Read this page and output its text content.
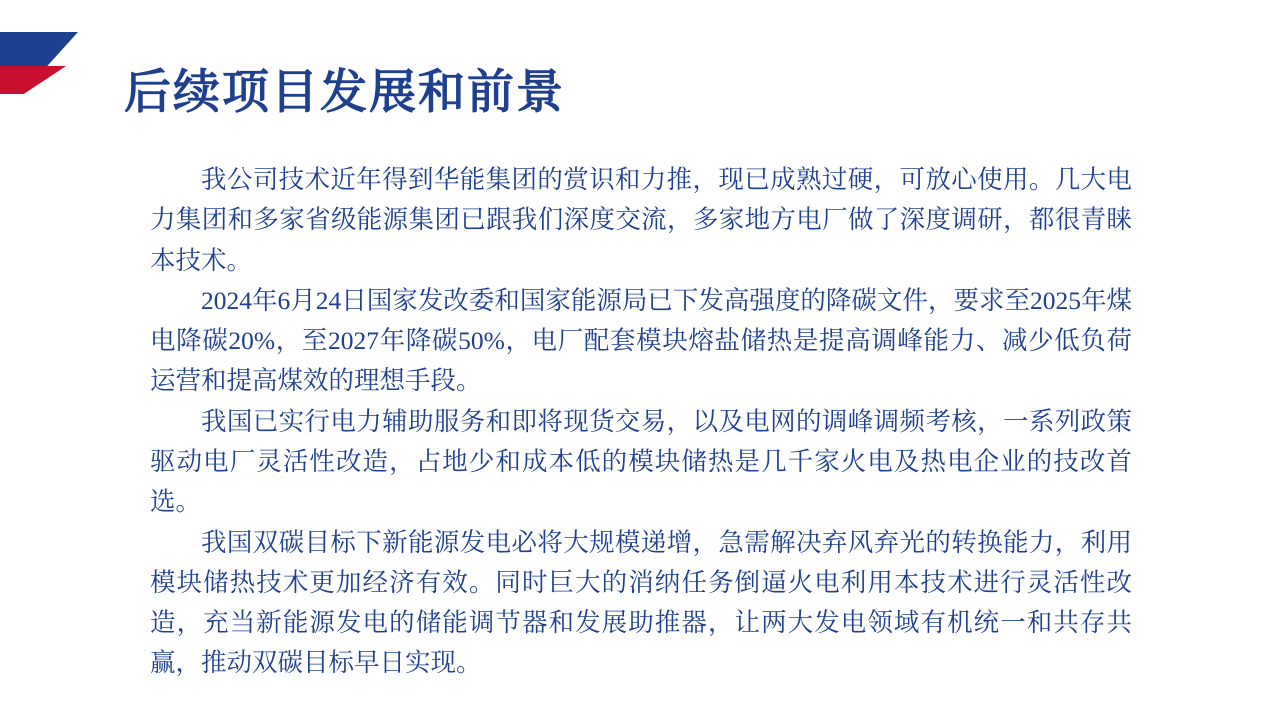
后续项目发展和前景

我公司技术近年得到华能集团的赏识和力推，现已成熟过硬，可放心使用。几大电力集团和多家省级能源集团已跟我们深度交流，多家地方电厂做了深度调研，都很青睐本技术。

2024年6月24日国家发改委和国家能源局已下发高强度的降碳文件，要求至2025年煤电降碳20%，至2027年降碳50%，电厂配套模块熔盐储热是提高调峰能力、减少低负荷运营和提高煤效的理想手段。

我国已实行电力辅助服务和即将现货交易，以及电网的调峰调频考核，一系列政策驱动电厂灵活性改造，占地少和成本低的模块储热是几千家火电及热电企业的技改首选。

我国双碳目标下新能源发电必将大规模递增，急需解决弃风弃光的转换能力，利用模块储热技术更加经济有效。同时巨大的消纳任务倒逼火电利用本技术进行灵活性改造，充当新能源发电的储能调节器和发展助推器，让两大发电领域有机统一和共存共赢，推动双碳目标早日实现。
